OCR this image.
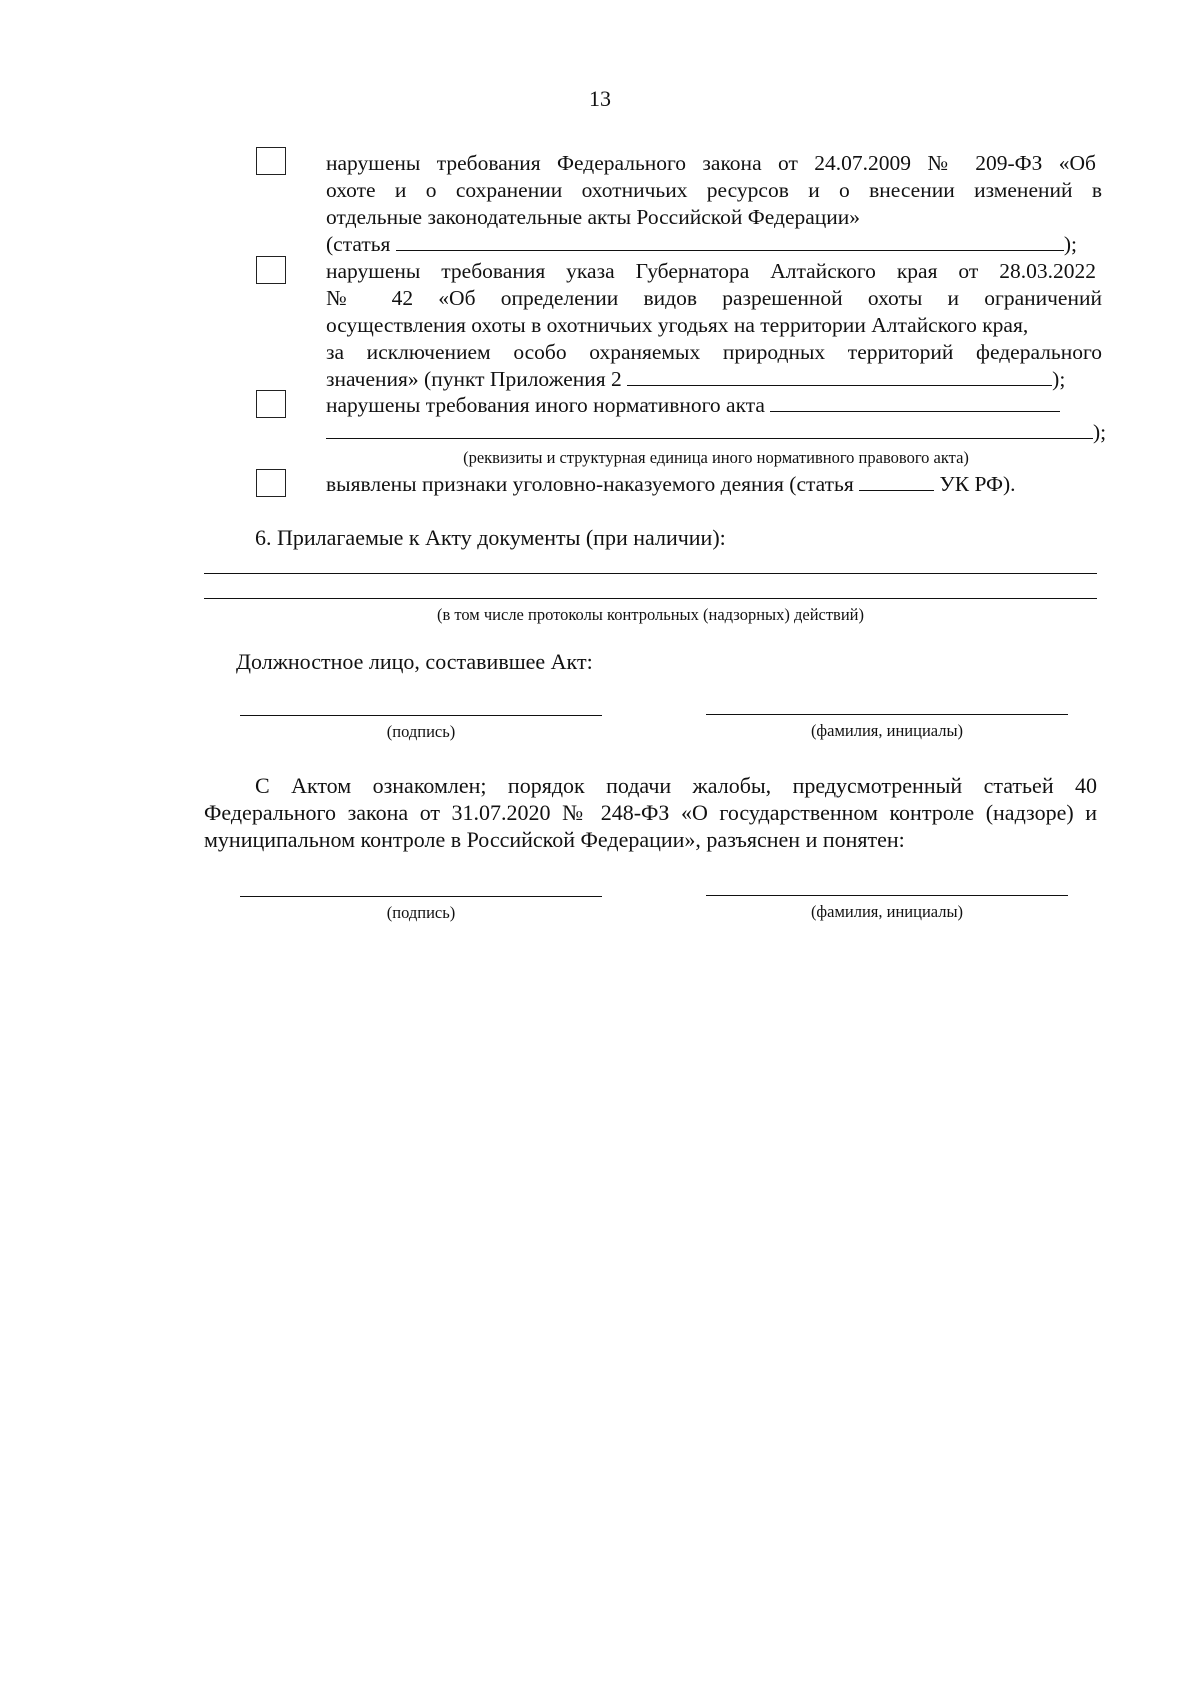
13
нарушены требования Федерального закона от 24.07.2009 № 209-ФЗ «Об
охоте и о сохранении охотничьих ресурсов и о внесении изменений в
отдельные законодательные акты Российской Федерации»
(статья	);
нарушены требования указа Губернатора Алтайского края от 28.03.2022
№ 42 «Об определении видов разрешенной охоты и ограничений
осуществления охоты в охотничьих угодьях на территории Алтайского края,
за исключением особо охраняемых природных территорий федерального
значения» (пункт Приложения 2	);
нарушены требования иного нормативного акта
);
(реквизиты и структурная единица иного нормативного правового акта)
выявлены признаки уголовно-наказуемого деяния (статья	УК РФ).
6. Прилагаемые к Акту документы (при наличии):
(в том числе протоколы контрольных (надзорных) действий)
Должностное лицо, составившее Акт:
(подпись)	(фамилия, инициалы)
С Актом ознакомлен; порядок подачи жалобы, предусмотренный статьей 40
Федерального закона от 31.07.2020 № 248-ФЗ «О государственном контроле (надзоре) и
муниципальном контроле в Российской Федерации», разъяснен и понятен:
(подпись)	(фамилия, инициалы)
